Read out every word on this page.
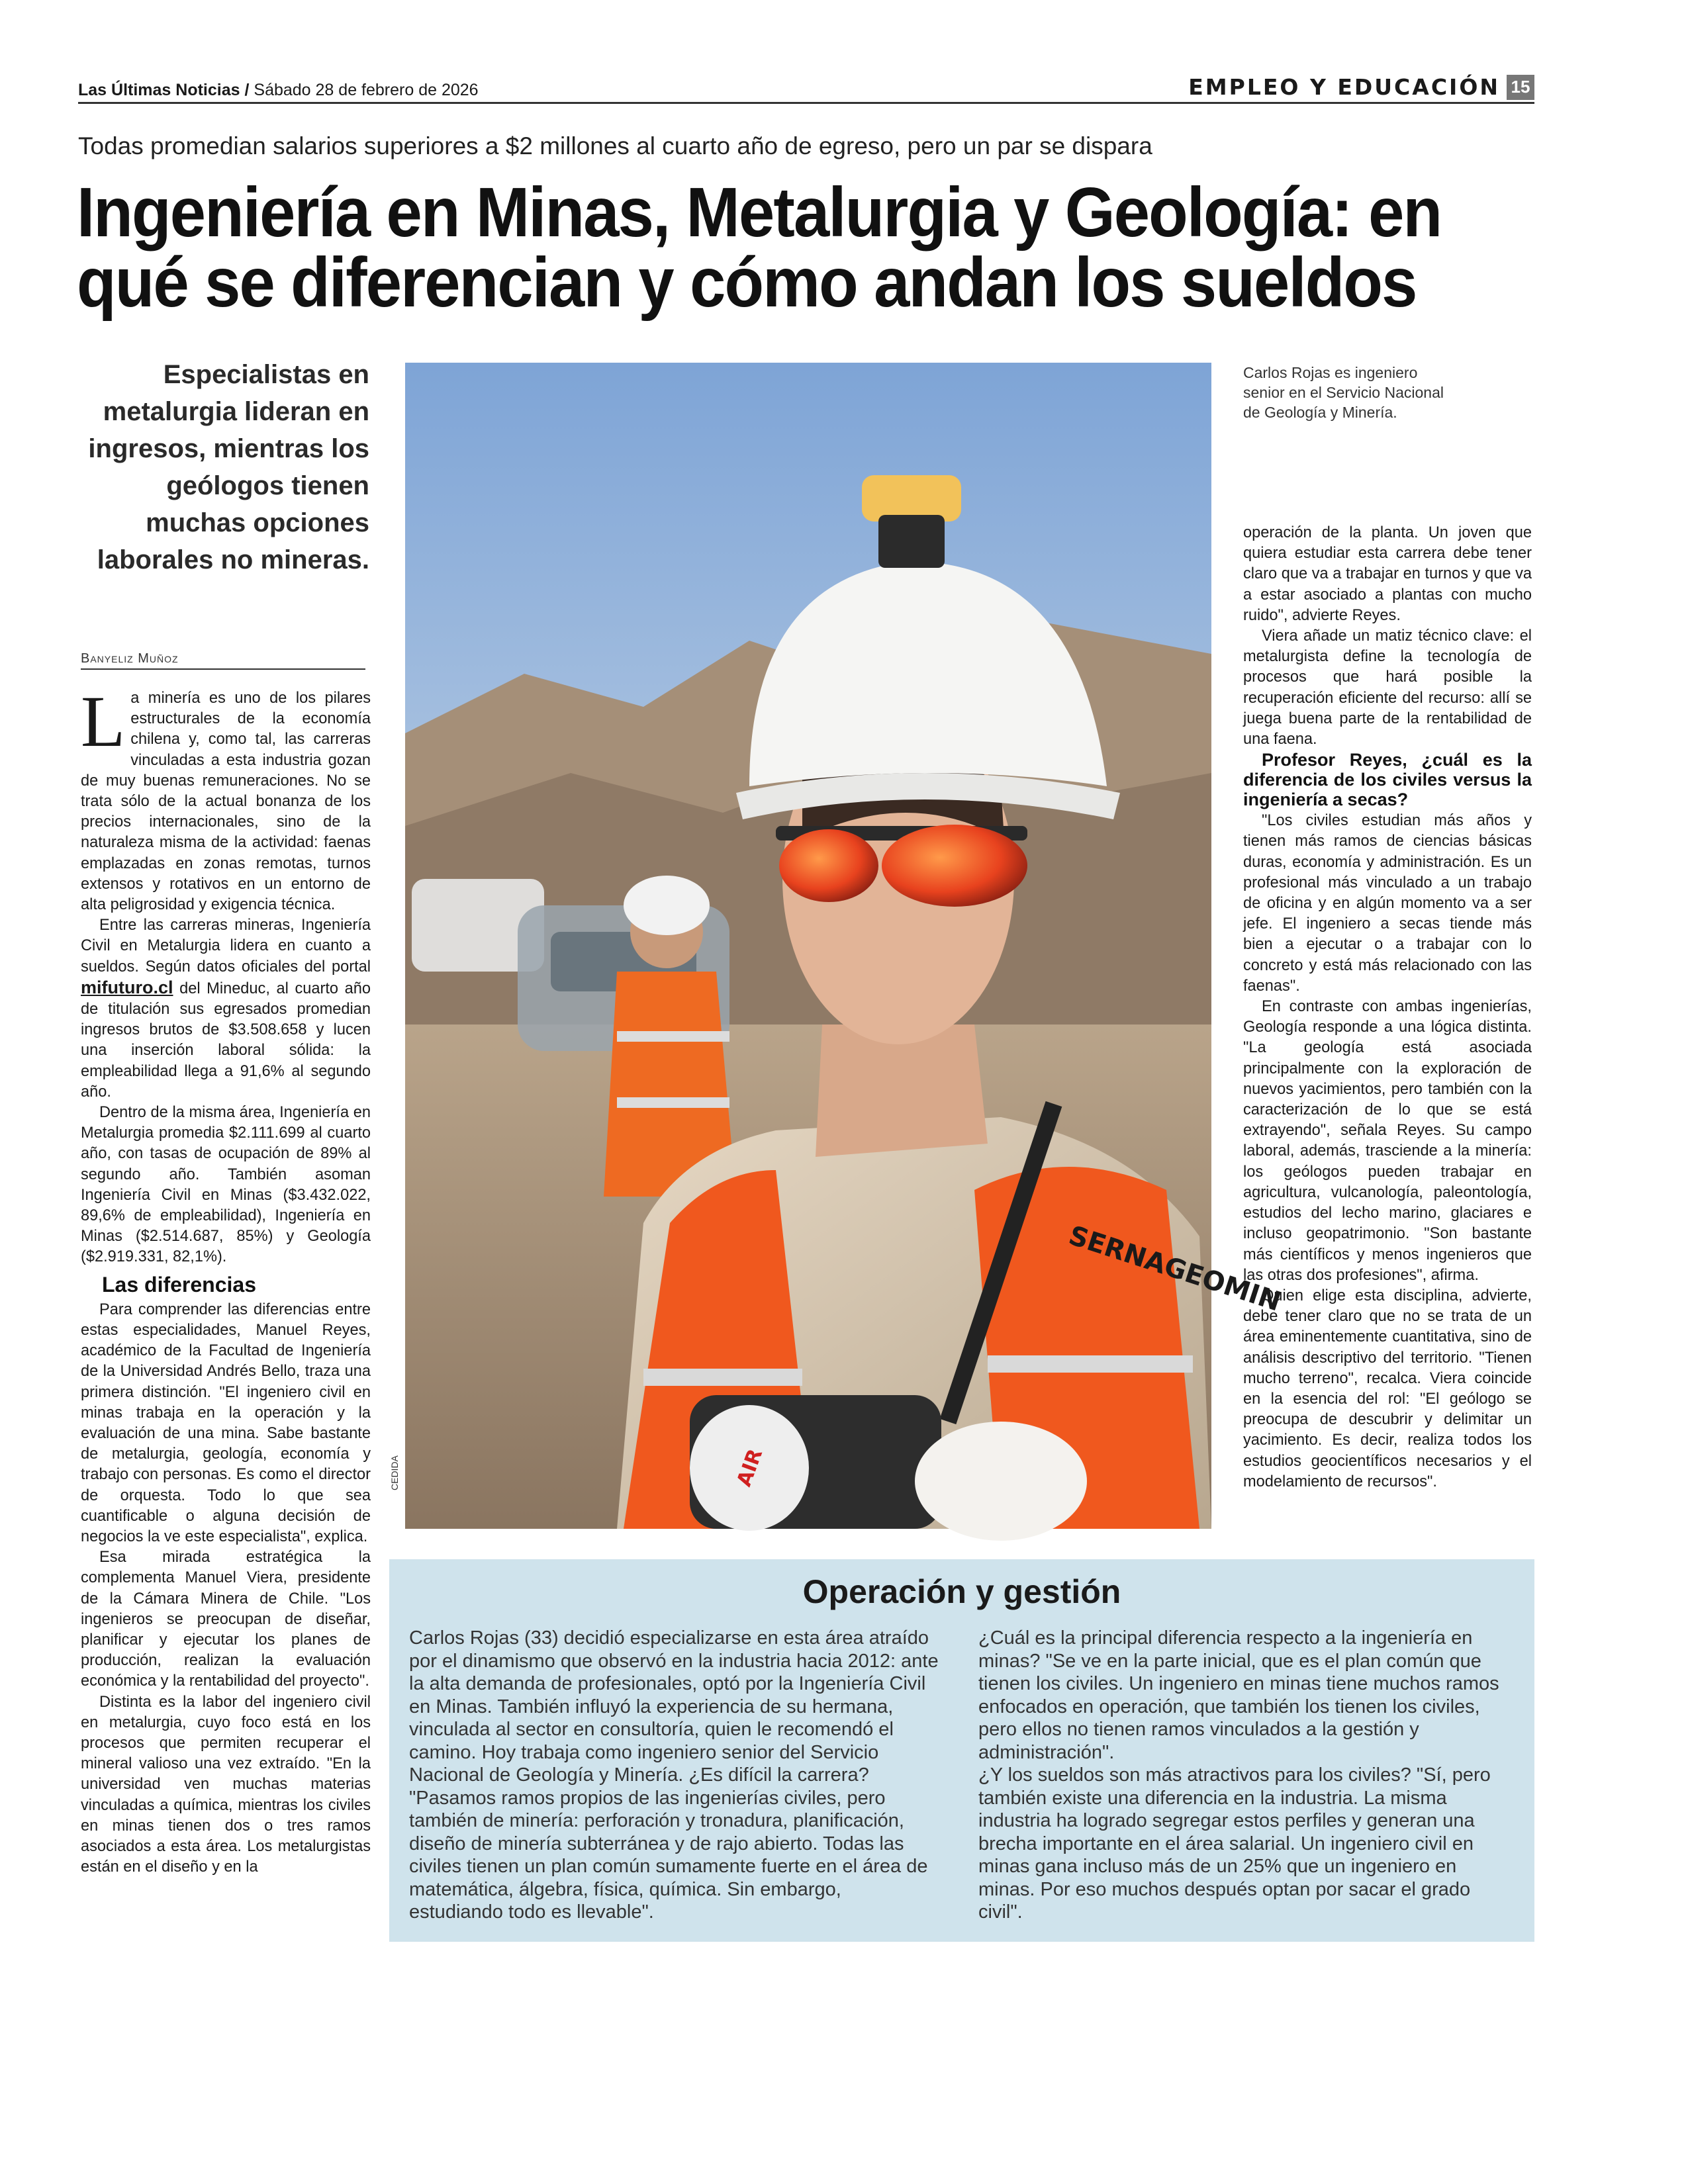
Las Últimas Noticias / Sábado 28 de febrero de 2026	EMPLEO Y EDUCACIÓN 15
Todas promedian salarios superiores a $2 millones al cuarto año de egreso, pero un par se dispara
Ingeniería en Minas, Metalurgia y Geología: en
qué se diferencian y cómo andan los sueldos
Especialistas en metalurgia lideran en ingresos, mientras los geólogos tienen muchas opciones laborales no mineras.
Banyeliz Muñoz

La minería es uno de los pilares estructurales de la economía chilena y, como tal, las carreras vinculadas a esta industria gozan de muy buenas remuneraciones. No se trata sólo de la actual bonanza de los precios internacionales, sino de la naturaleza misma de la actividad: faenas emplazadas en zonas remotas, turnos extensos y rotativos en un entorno de alta peligrosidad y exigencia técnica.

Entre las carreras mineras, Ingeniería Civil en Metalurgia lidera en cuanto a sueldos. Según datos oficiales del portal mifuturo.cl del Mineduc, al cuarto año de titulación sus egresados promedian ingresos brutos de $3.508.658 y lucen una inserción laboral sólida: la empleabilidad llega a 91,6% al segundo año.

Dentro de la misma área, Ingeniería en Metalurgia promedia $2.111.699 al cuarto año, con tasas de ocupación de 89% al segundo año. También asoman Ingeniería Civil en Minas ($3.432.022, 89,6% de empleabilidad), Ingeniería en Minas ($2.514.687, 85%) y Geología ($2.919.331, 82,1%).

Las diferencias

Para comprender las diferencias entre estas especialidades, Manuel Reyes, académico de la Facultad de Ingeniería de la Universidad Andrés Bello, traza una primera distinción. "El ingeniero civil en minas trabaja en la operación y la evaluación de una mina. Sabe bastante de metalurgia, geología, economía y trabajo con personas. Es como el director de orquesta. Todo lo que sea cuantificable o alguna decisión de negocios la ve este especialista", explica.

Esa mirada estratégica la complementa Manuel Viera, presidente de la Cámara Minera de Chile. "Los ingenieros se preocupan de diseñar, planificar y ejecutar los planes de producción, realizan la evaluación económica y la rentabilidad del proyecto".

Distinta es la labor del ingeniero civil en metalurgia, cuyo foco está en los procesos que permiten recuperar el mineral valioso una vez extraído. "En la universidad ven muchas materias vinculadas a química, mientras los civiles en minas tienen dos o tres ramos asociados a esta área. Los metalurgistas están en el diseño y en la

SERNAGEOMIN
AIR
CEDIDA
Carlos Rojas es ingeniero senior en el Servicio Nacional de Geología y Minería.

operación de la planta. Un joven que quiera estudiar esta carrera debe tener claro que va a trabajar en turnos y que va a estar asociado a plantas con mucho ruido", advierte Reyes.

Viera añade un matiz técnico clave: el metalurgista define la tecnología de procesos que hará posible la recuperación eficiente del recurso: allí se juega buena parte de la rentabilidad de una faena.

Profesor Reyes, ¿cuál es la diferencia de los civiles versus la ingeniería a secas?

"Los civiles estudian más años y tienen más ramos de ciencias básicas duras, economía y administración. Es un profesional más vinculado a un trabajo de oficina y en algún momento va a ser jefe. El ingeniero a secas tiende más bien a ejecutar o a trabajar con lo concreto y está más relacionado con las faenas".

En contraste con ambas ingenierías, Geología responde a una lógica distinta. "La geología está asociada principalmente con la exploración de nuevos yacimientos, pero también con la caracterización de lo que se está extrayendo", señala Reyes. Su campo laboral, además, trasciende a la minería: los geólogos pueden trabajar en agricultura, vulcanología, paleontología, estudios del lecho marino, glaciares e incluso geopatrimonio. "Son bastante más científicos y menos ingenieros que las otras dos profesiones", afirma.

Quien elige esta disciplina, advierte, debe tener claro que no se trata de un área eminentemente cuantitativa, sino de análisis descriptivo del territorio. "Tienen mucho terreno", recalca. Viera coincide en la esencia del rol: "El geólogo se preocupa de descubrir y delimitar un yacimiento. Es decir, realiza todos los estudios geocientíficos necesarios y el modelamiento de recursos".

Operación y gestión

Carlos Rojas (33) decidió especializarse en esta área atraído por el dinamismo que observó en la industria hacia 2012: ante la alta demanda de profesionales, optó por la Ingeniería Civil en Minas. También influyó la experiencia de su hermana, vinculada al sector en consultoría, quien le recomendó el camino. Hoy trabaja como ingeniero senior del Servicio Nacional de Geología y Minería. ¿Es difícil la carrera? "Pasamos ramos propios de las ingenierías civiles, pero también de minería: perforación y tronadura, planificación, diseño de minería subterránea y de rajo abierto. Todas las civiles tienen un plan común sumamente fuerte en el área de matemática, álgebra, física, química. Sin embargo, estudiando todo es llevable".

¿Cuál es la principal diferencia respecto a la ingeniería en minas? "Se ve en la parte inicial, que es el plan común que tienen los civiles. Un ingeniero en minas tiene muchos ramos enfocados en operación, que también los tienen los civiles, pero ellos no tienen ramos vinculados a la gestión y administración".

¿Y los sueldos son más atractivos para los civiles? "Sí, pero también existe una diferencia en la industria. La misma industria ha logrado segregar estos perfiles y generan una brecha importante en el área salarial. Un ingeniero civil en minas gana incluso más de un 25% que un ingeniero en minas. Por eso muchos después optan por sacar el grado civil".
